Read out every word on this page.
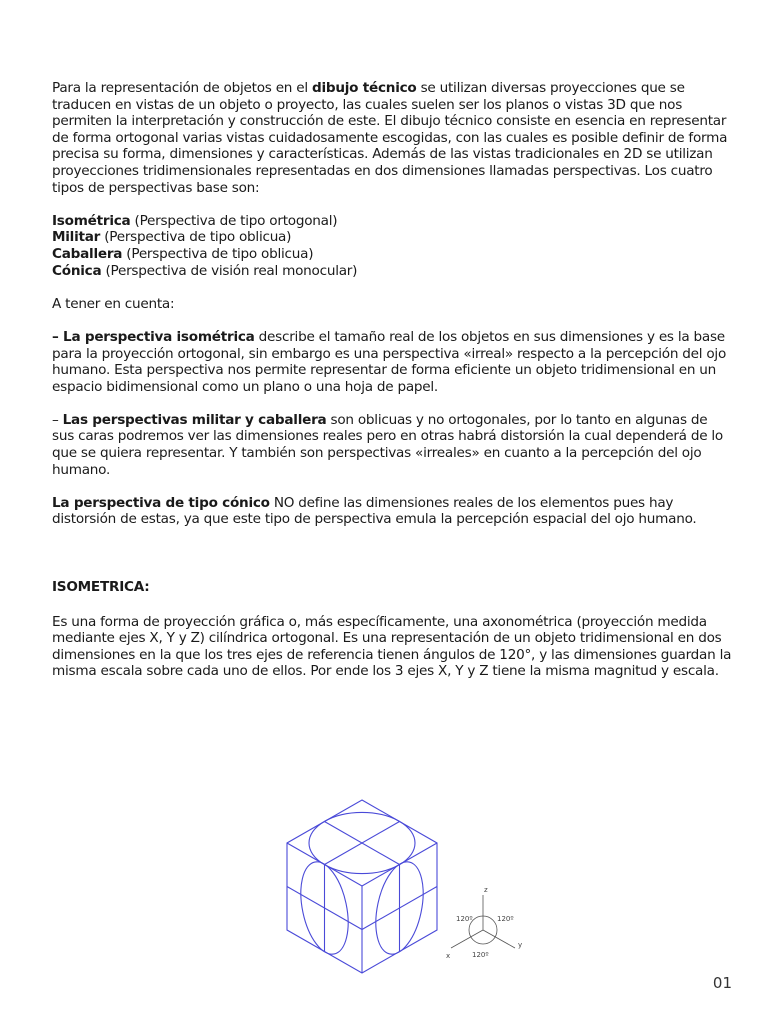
Para la representación de objetos en el dibujo técnico se utilizan diversas proyecciones que se traducen en vistas de un objeto o proyecto, las cuales suelen ser los planos o vistas 3D que nos permiten la interpretación y construcción de este. El dibujo técnico consiste en esencia en representar de forma ortogonal varias vistas cuidadosamente escogidas, con las cuales es posible definir de forma precisa su forma, dimensiones y características. Además de las vistas tradicionales en 2D se utilizan proyecciones tridimensionales representadas en dos dimensiones llamadas perspectivas. Los cuatro tipos de perspectivas base son:

Isométrica (Perspectiva de tipo ortogonal)

Militar (Perspectiva de tipo oblicua)

Caballera (Perspectiva de tipo oblicua)

Cónica (Perspectiva de visión real monocular)

A tener en cuenta:

– La perspectiva isométrica describe el tamaño real de los objetos en sus dimensiones y es la base para la proyección ortogonal, sin embargo es una perspectiva «irreal» respecto a la percepción del ojo humano. Esta perspectiva nos permite representar de forma eficiente un objeto tridimensional en un espacio bidimensional como un plano o una hoja de papel.

– Las perspectivas militar y caballera son oblicuas y no ortogonales, por lo tanto en algunas de sus caras podremos ver las dimensiones reales pero en otras habrá distorsión la cual dependerá de lo que se quiera representar. Y también son perspectivas «irreales» en cuanto a la percepción del ojo humano.

La perspectiva de tipo cónico NO define las dimensiones reales de los elementos pues hay distorsión de estas, ya que este tipo de perspectiva emula la percepción espacial del ojo humano.

ISOMETRICA:

Es una forma de proyección gráfica o, más específicamente, una axonométrica (proyección medida mediante ejes X, Y y Z) cilíndrica ortogonal. Es una representación de un objeto tridimensional en dos dimensiones en la que los tres ejes de referencia tienen ángulos de 120°, y las dimensiones guardan la misma escala sobre cada uno de ellos. Por ende los 3 ejes X, Y y Z tiene la misma magnitud y escala.

z
y
x
120º	120º
120º
01
